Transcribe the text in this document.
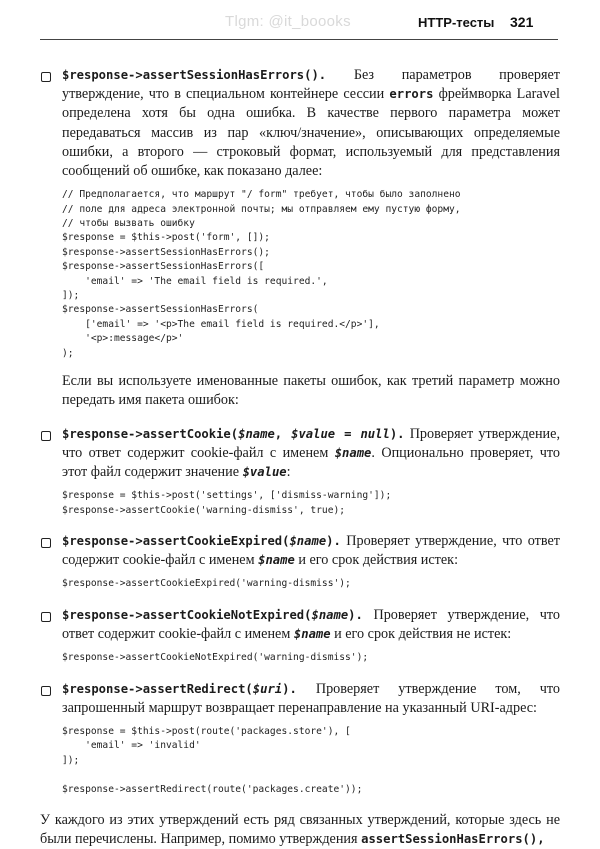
Tlgm: @it_boooks	HTTP-тесты 321

$response->assertSessionHasErrors(). Без параметров проверяет утверждение, что в специальном контейнере сессии errors фреймворка Laravel определена хотя бы одна ошибка. В качестве первого параметра может передаваться массив из пар «ключ/значение», описывающих определяемые ошибки, а второго — строковый формат, используемый для представления сообщений об ошибке, как показано далее:

// Предполагается, что маршрут "/ form" требует, чтобы было заполнено
// поле для адреса электронной почты; мы отправляем ему пустую форму,
// чтобы вызвать ошибку
$response = $this->post('form', []);
$response->assertSessionHasErrors();
$response->assertSessionHasErrors([
'email' => 'The email field is required.',
]);
$response->assertSessionHasErrors(
['email' => '<p>The email field is required.</p>'],
'<p>:message</p>'
);

Если вы используете именованные пакеты ошибок, как третий параметр можно передать имя пакета ошибок:

$response->assertCookie($name, $value = null). Проверяет утверждение, что ответ содержит cookie-файл с именем $name. Опционально проверяет, что этот файл содержит значение $value:

$response = $this->post('settings', ['dismiss-warning']);
$response->assertCookie('warning-dismiss', true);

$response->assertCookieExpired($name). Проверяет утверждение, что ответ содержит cookie-файл с именем $name и его срок действия истек:

$response->assertCookieExpired('warning-dismiss');

$response->assertCookieNotExpired($name). Проверяет утверждение, что ответ содержит cookie-файл с именем $name и его срок действия не истек:

$response->assertCookieNotExpired('warning-dismiss');

$response->assertRedirect($uri). Проверяет утверждение том, что запрошенный маршрут возвращает перенаправление на указанный URI-адрес:

$response = $this->post(route('packages.store'), [
'email' => 'invalid'
]);

$response->assertRedirect(route('packages.create'));

У каждого из этих утверждений есть ряд связанных утверждений, которые здесь не были перечислены. Например, помимо утверждения assertSessionHasErrors(),
